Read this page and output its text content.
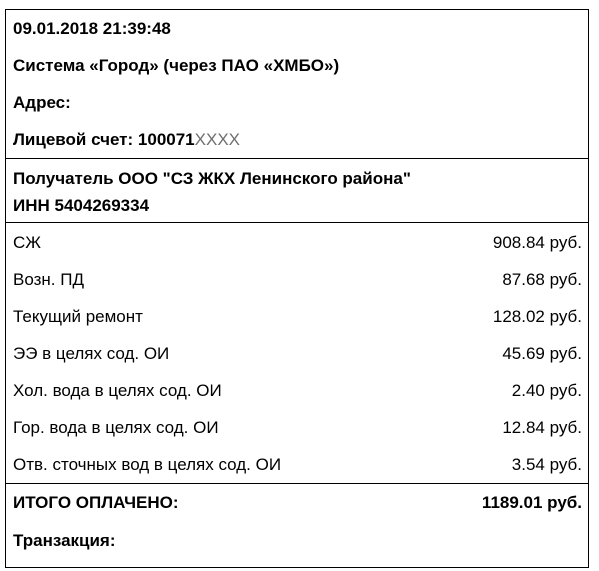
09.01.2018 21:39:48
Система «Город» (через ПАО «ХМБО»)
Адрес:
Лицевой счет: 100071XXXX
Получатель ООО "СЗ ЖКХ Ленинского района"
ИНН 5404269334
СЖ	908.84 руб.
Возн. ПД	87.68 руб.
Текущий ремонт	128.02 руб.
ЭЭ в целях сод. ОИ	45.69 руб.
Хол. вода в целях сод. ОИ	2.40 руб.
Гор. вода в целях сод. ОИ	12.84 руб.
Отв. сточных вод в целях сод. ОИ	3.54 руб.
ИТОГО ОПЛАЧЕНО:	1189.01 руб.
Транзакция:
